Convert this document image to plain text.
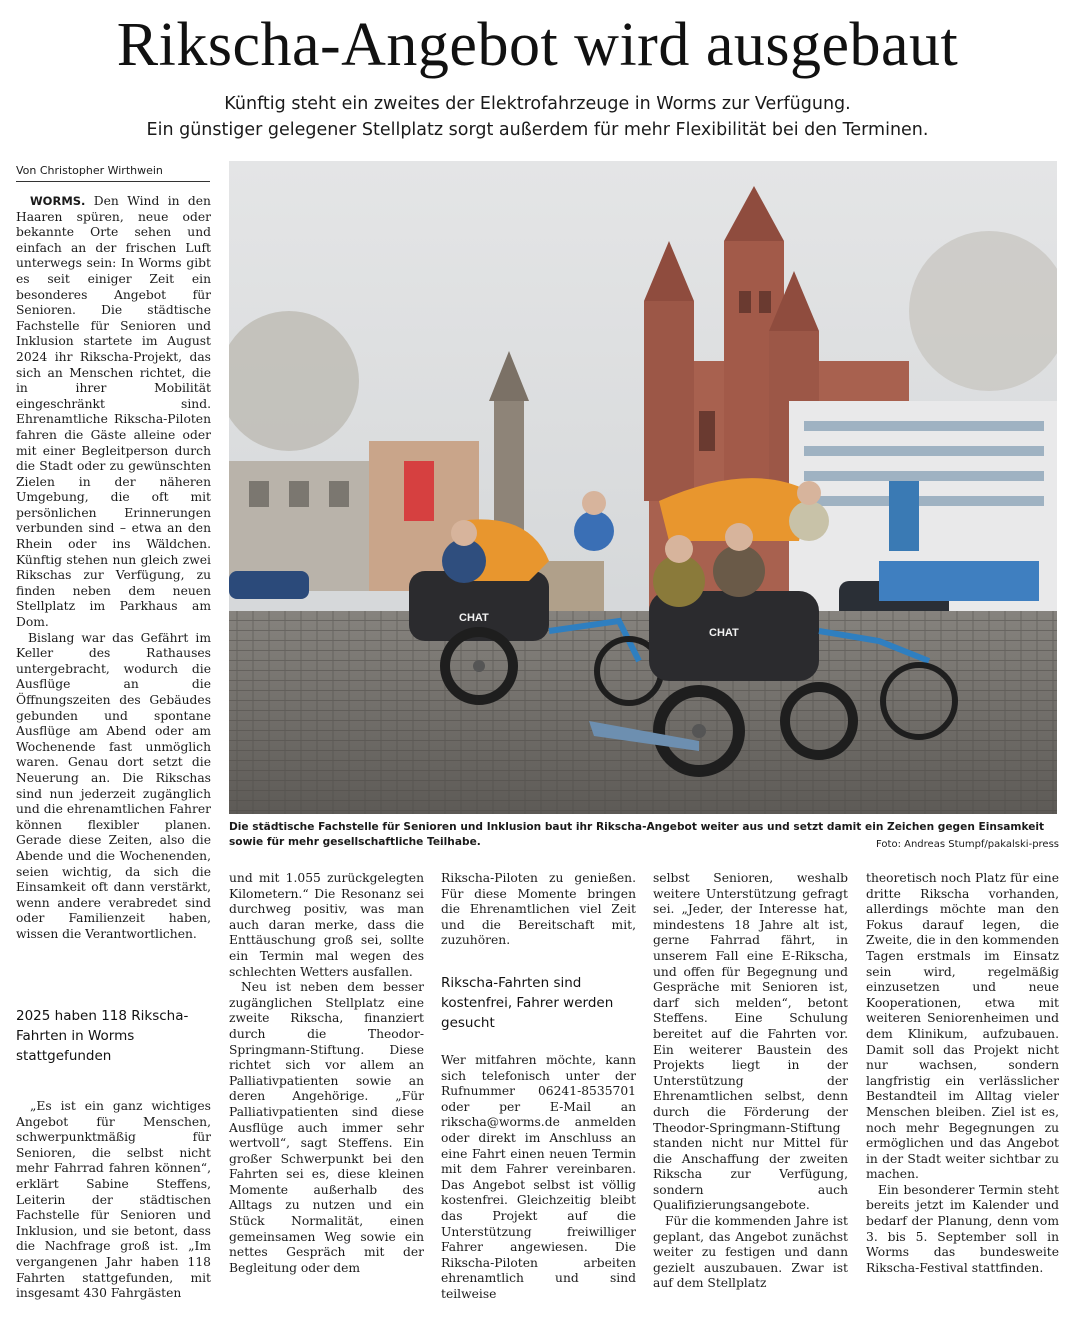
Rikscha-Angebot wird ausgebaut

Künftig steht ein zweites der Elektrofahrzeuge in Worms zur Verfügung.

Ein günstiger gelegener Stellplatz sorgt außerdem für mehr Flexibilität bei den Terminen.

Von Christopher Wirthwein

WORMS. Den Wind in den Haaren spüren, neue oder bekannte Orte sehen und einfach an der frischen Luft unterwegs sein: In Worms gibt es seit einiger Zeit ein besonderes Angebot für Senioren. Die städtische Fachstelle für Senioren und Inklusion startete im August 2024 ihr Rikscha-Projekt, das sich an Menschen richtet, die in ihrer Mobilität eingeschränkt sind. Ehrenamtliche Rikscha-Piloten fahren die Gäste alleine oder mit einer Begleitperson durch die Stadt oder zu gewünschten Zielen in der näheren Umgebung, die oft mit persönlichen Erinnerungen verbunden sind – etwa an den Rhein oder ins Wäldchen. Künftig stehen nun gleich zwei Rikschas zur Verfügung, zu finden neben dem neuen Stellplatz im Parkhaus am Dom.

Bislang war das Gefährt im Keller des Rathauses untergebracht, wodurch die Ausflüge an die Öffnungszeiten des Gebäudes gebunden und spontane Ausflüge am Abend oder am Wochenende fast unmöglich waren. Genau dort setzt die Neuerung an. Die Rikschas sind nun jederzeit zugänglich und die ehrenamtlichen Fahrer können flexibler planen. Gerade diese Zeiten, also die Abende und die Wochenenden, seien wichtig, da sich die Einsamkeit oft dann verstärkt, wenn andere verabredet sind oder Familienzeit haben, wissen die Verantwortlichen.

2025 haben 118 Rikscha-Fahrten in Worms stattgefunden

„Es ist ein ganz wichtiges Angebot für Menschen, schwerpunktmäßig für Senioren, die selbst nicht mehr Fahrrad fahren können“, erklärt Sabine Steffens, Leiterin der städtischen Fachstelle für Senioren und Inklusion, und sie betont, dass die Nachfrage groß ist. „Im vergangenen Jahr haben 118 Fahrten stattgefunden, mit insgesamt 430 Fahrgästen

CHAT
CHAT
Die städtische Fachstelle für Senioren und Inklusion baut ihr Rikscha-Angebot weiter aus und setzt damit ein Zeichen gegen Einsamkeit sowie für mehr gesellschaftliche Teilhabe.	Foto: Andreas Stumpf/pakalski-press

und mit 1.055 zurückgelegten Kilometern.“ Die Resonanz sei durchweg positiv, was man auch daran merke, dass die Enttäuschung groß sei, sollte ein Termin mal wegen des schlechten Wetters ausfallen.

Neu ist neben dem besser zugänglichen Stellplatz eine zweite Rikscha, finanziert durch die Theodor-Springmann-Stiftung. Diese richtet sich vor allem an Palliativpatienten sowie an deren Angehörige. „Für Palliativpatienten sind diese Ausflüge auch immer sehr wertvoll“, sagt Steffens. Ein großer Schwerpunkt bei den Fahrten sei es, diese kleinen Momente außerhalb des Alltags zu nutzen und ein Stück Normalität, einen gemeinsamen Weg sowie ein nettes Gespräch mit der Begleitung oder dem

Rikscha-Piloten zu genießen. Für diese Momente bringen die Ehrenamtlichen viel Zeit und die Bereitschaft mit, zuzuhören.

Rikscha-Fahrten sind kostenfrei, Fahrer werden gesucht

Wer mitfahren möchte, kann sich telefonisch unter der Rufnummer 06241-8535701 oder per E-Mail an rikscha@worms.de anmelden oder direkt im Anschluss an eine Fahrt einen neuen Termin mit dem Fahrer vereinbaren. Das Angebot selbst ist völlig kostenfrei. Gleichzeitig bleibt das Projekt auf die Unterstützung freiwilliger Fahrer angewiesen. Die Rikscha-Piloten arbeiten ehrenamtlich und sind teilweise

selbst Senioren, weshalb weitere Unterstützung gefragt sei. „Jeder, der Interesse hat, mindestens 18 Jahre alt ist, gerne Fahrrad fährt, in unserem Fall eine E-Rikscha, und offen für Begegnung und Gespräche mit Senioren ist, darf sich melden“, betont Steffens. Eine Schulung bereitet auf die Fahrten vor. Ein weiterer Baustein des Projekts liegt in der Unterstützung der Ehrenamtlichen selbst, denn durch die Förderung der Theodor-Springmann-Stiftung standen nicht nur Mittel für die Anschaffung der zweiten Rikscha zur Verfügung, sondern auch Qualifizierungsangebote.

Für die kommenden Jahre ist geplant, das Angebot zunächst weiter zu festigen und dann gezielt auszubauen. Zwar ist auf dem Stellplatz

theoretisch noch Platz für eine dritte Rikscha vorhanden, allerdings möchte man den Fokus darauf legen, die Zweite, die in den kommenden Tagen erstmals im Einsatz sein wird, regelmäßig einzusetzen und neue Kooperationen, etwa mit weiteren Seniorenheimen und dem Klinikum, aufzubauen. Damit soll das Projekt nicht nur wachsen, sondern langfristig ein verlässlicher Bestandteil im Alltag vieler Menschen bleiben. Ziel ist es, noch mehr Begegnungen zu ermöglichen und das Angebot in der Stadt weiter sichtbar zu machen.

Ein besonderer Termin steht bereits jetzt im Kalender und bedarf der Planung, denn vom 3. bis 5. September soll in Worms das bundesweite Rikscha-Festival stattfinden.
